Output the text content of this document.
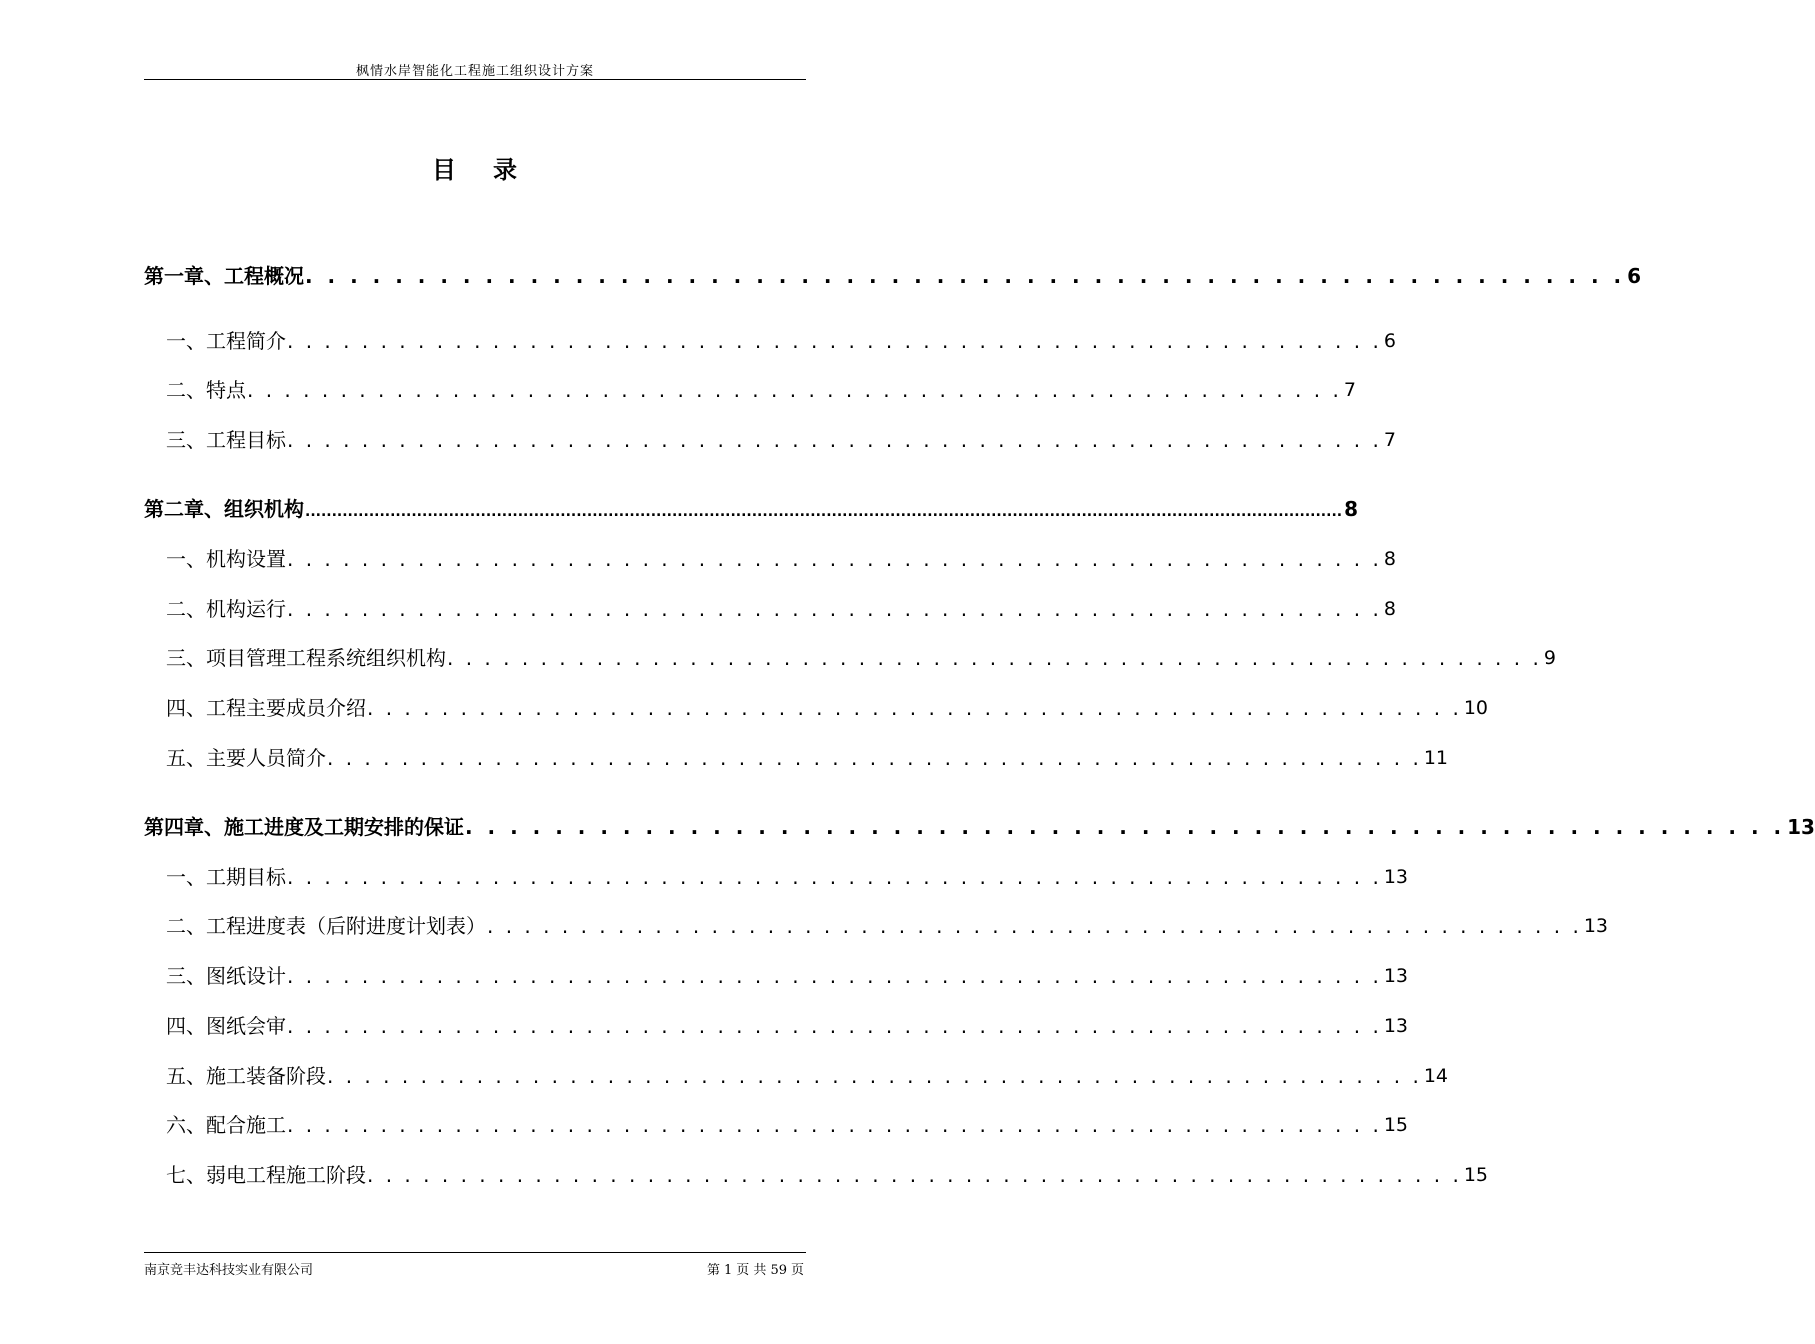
枫情水岸智能化工程施工组织设计方案
目 录
第一章、工程概况 . . . . . . . . . . . . . . . . . . . . . . . . . . . . . . . . . . . . . . . . . . . . . . . . . . . . . . . . . . . 6
一、工程简介 . . . . . . . . . . . . . . . . . . . . . . . . . . . . . . . . . . . . . . . . . . . . . . . . . . . . . . . . . . . 6
二、特点 . . . . . . . . . . . . . . . . . . . . . . . . . . . . . . . . . . . . . . . . . . . . . . . . . . . . . . . . . . . 7
三、工程目标 . . . . . . . . . . . . . . . . . . . . . . . . . . . . . . . . . . . . . . . . . . . . . . . . . . . . . . . . . . . 7
第二章、组织机构 ................................................................................................................................................................................................... 8
一、机构设置 . . . . . . . . . . . . . . . . . . . . . . . . . . . . . . . . . . . . . . . . . . . . . . . . . . . . . . . . . . . 8
二、机构运行 . . . . . . . . . . . . . . . . . . . . . . . . . . . . . . . . . . . . . . . . . . . . . . . . . . . . . . . . . . . 8
三、项目管理工程系统组织机构 . . . . . . . . . . . . . . . . . . . . . . . . . . . . . . . . . . . . . . . . . . . . . . . . . . . . . . . . . . . 9
四、工程主要成员介绍 . . . . . . . . . . . . . . . . . . . . . . . . . . . . . . . . . . . . . . . . . . . . . . . . . . . . . . . . . . . 10
五、主要人员简介 . . . . . . . . . . . . . . . . . . . . . . . . . . . . . . . . . . . . . . . . . . . . . . . . . . . . . . . . . . . 11
第四章、施工进度及工期安排的保证 . . . . . . . . . . . . . . . . . . . . . . . . . . . . . . . . . . . . . . . . . . . . . . . . . . . . . . . . . . . 13
一、工期目标 . . . . . . . . . . . . . . . . . . . . . . . . . . . . . . . . . . . . . . . . . . . . . . . . . . . . . . . . . . . 13
二、工程进度表（后附进度计划表） . . . . . . . . . . . . . . . . . . . . . . . . . . . . . . . . . . . . . . . . . . . . . . . . . . . . . . . . . . . 13
三、图纸设计 . . . . . . . . . . . . . . . . . . . . . . . . . . . . . . . . . . . . . . . . . . . . . . . . . . . . . . . . . . . 13
四、图纸会审 . . . . . . . . . . . . . . . . . . . . . . . . . . . . . . . . . . . . . . . . . . . . . . . . . . . . . . . . . . . 13
五、施工装备阶段 . . . . . . . . . . . . . . . . . . . . . . . . . . . . . . . . . . . . . . . . . . . . . . . . . . . . . . . . . . . 14
六、配合施工 . . . . . . . . . . . . . . . . . . . . . . . . . . . . . . . . . . . . . . . . . . . . . . . . . . . . . . . . . . . 15
七、弱电工程施工阶段 . . . . . . . . . . . . . . . . . . . . . . . . . . . . . . . . . . . . . . . . . . . . . . . . . . . . . . . . . . . 15
南京竞丰达科技实业有限公司	第 1 页 共 59 页
